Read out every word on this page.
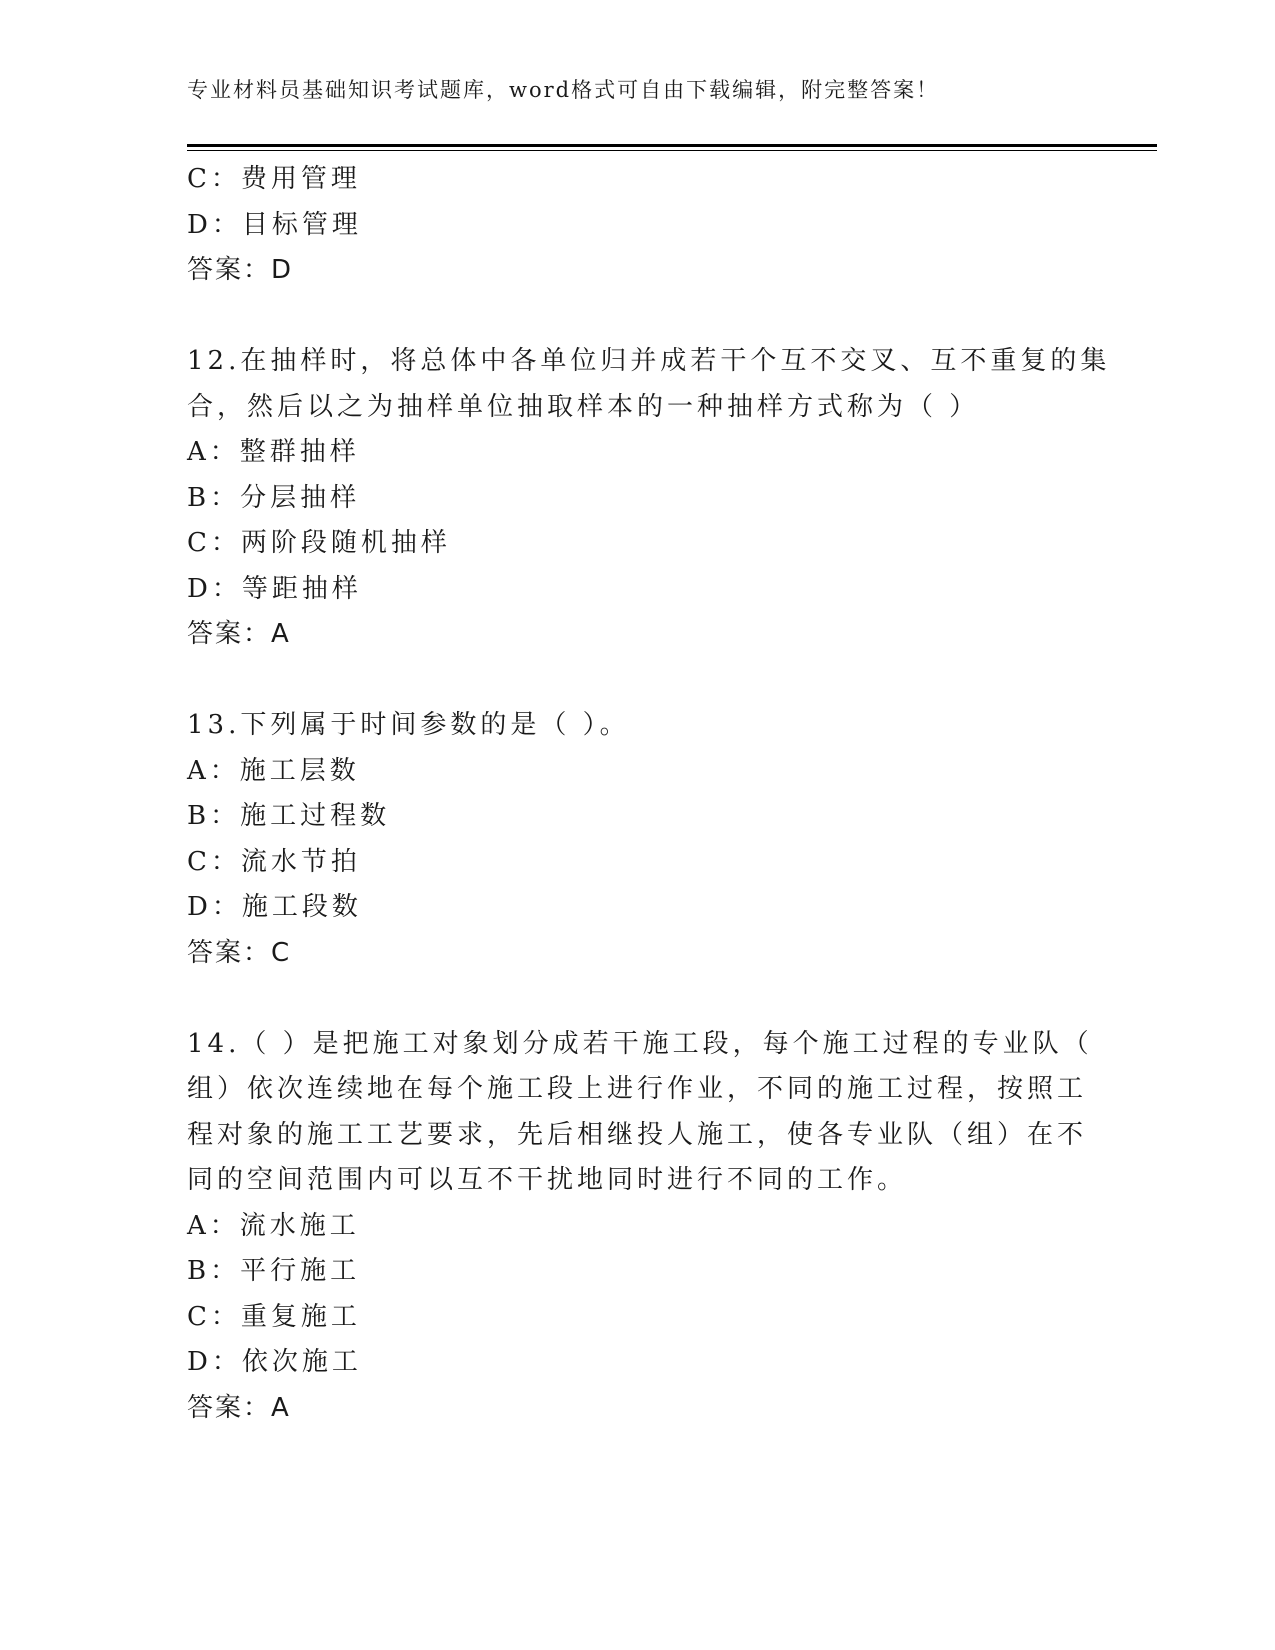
专业材料员基础知识考试题库，word格式可自由下载编辑，附完整答案！
C：费用管理
D：目标管理
答案：D
12.在抽样时，将总体中各单位归并成若干个互不交叉、互不重复的集
合，然后以之为抽样单位抽取样本的一种抽样方式称为（ ）
A：整群抽样
B：分层抽样
C：两阶段随机抽样
D：等距抽样
答案：A
13.下列属于时间参数的是（ ）。
A：施工层数
B：施工过程数
C：流水节拍
D：施工段数
答案：C
14.（ ）是把施工对象划分成若干施工段，每个施工过程的专业队（
组）依次连续地在每个施工段上进行作业，不同的施工过程，按照工
程对象的施工工艺要求，先后相继投人施工，使各专业队（组）在不
同的空间范围内可以互不干扰地同时进行不同的工作。
A：流水施工
B：平行施工
C：重复施工
D：依次施工
答案：A
